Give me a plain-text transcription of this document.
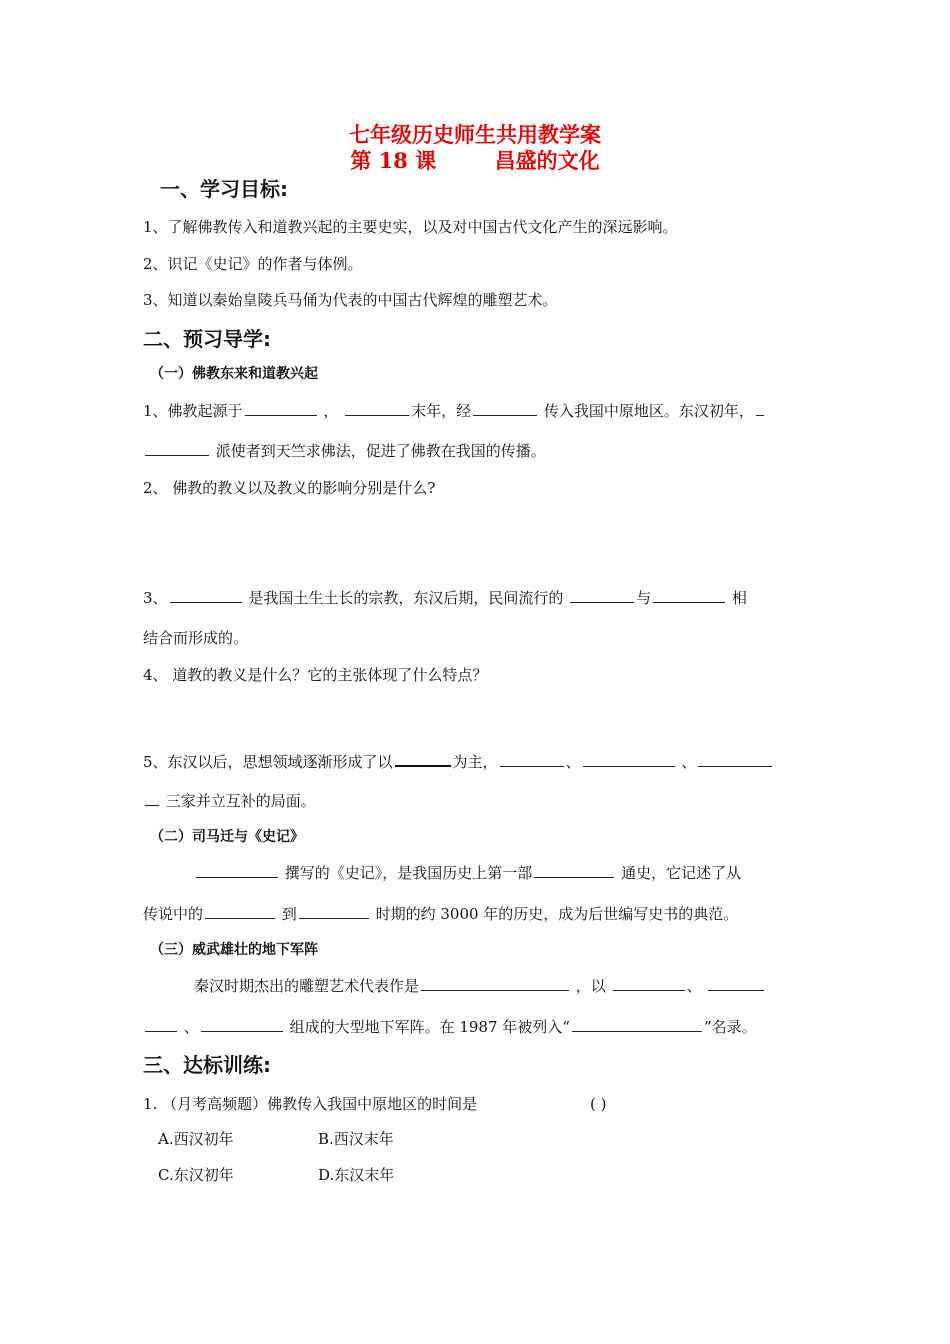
七年级历史师生共用教学案
第 18 课        昌盛的文化
一、学习目标:
1、了解佛教传入和道教兴起的主要史实，以及对中国古代文化产生的深远影响。
2、识记《史记》的作者与体例。
3、知道以秦始皇陵兵马俑为代表的中国古代辉煌的雕塑艺术。
二、预习导学:
（一）佛教东来和道教兴起
1、佛教起源于	，	末年，经	传入我国中原地区。东汉初年，
派使者到天竺求佛法，促进了佛教在我国的传播。
2、 佛教的教义以及教义的影响分别是什么?
3、	是我国土生土长的宗教，东汉后期，民间流行的	与	相
结合而形成的。
4、 道教的教义是什么？它的主张体现了什么特点？
5、东汉以后，思想领域逐渐形成了以	为主，	、	、
三家并立互补的局面。
（二）司马迁与《史记》
撰写的《史记》，是我国历史上第一部	通史，它记述了从
传说中的	到	时期的约 3000 年的历史，成为后世编写史书的典范。
（三）威武雄壮的地下军阵
秦汉时期杰出的雕塑艺术代表作是	，以	、
、	组成的大型地下军阵。在 1987 年被列入“	”名录。
三、达标训练:
1. （月考高频题）佛教传入我国中原地区的时间是	( )
A.西汉初年	B.西汉末年
C.东汉初年	D.东汉末年
